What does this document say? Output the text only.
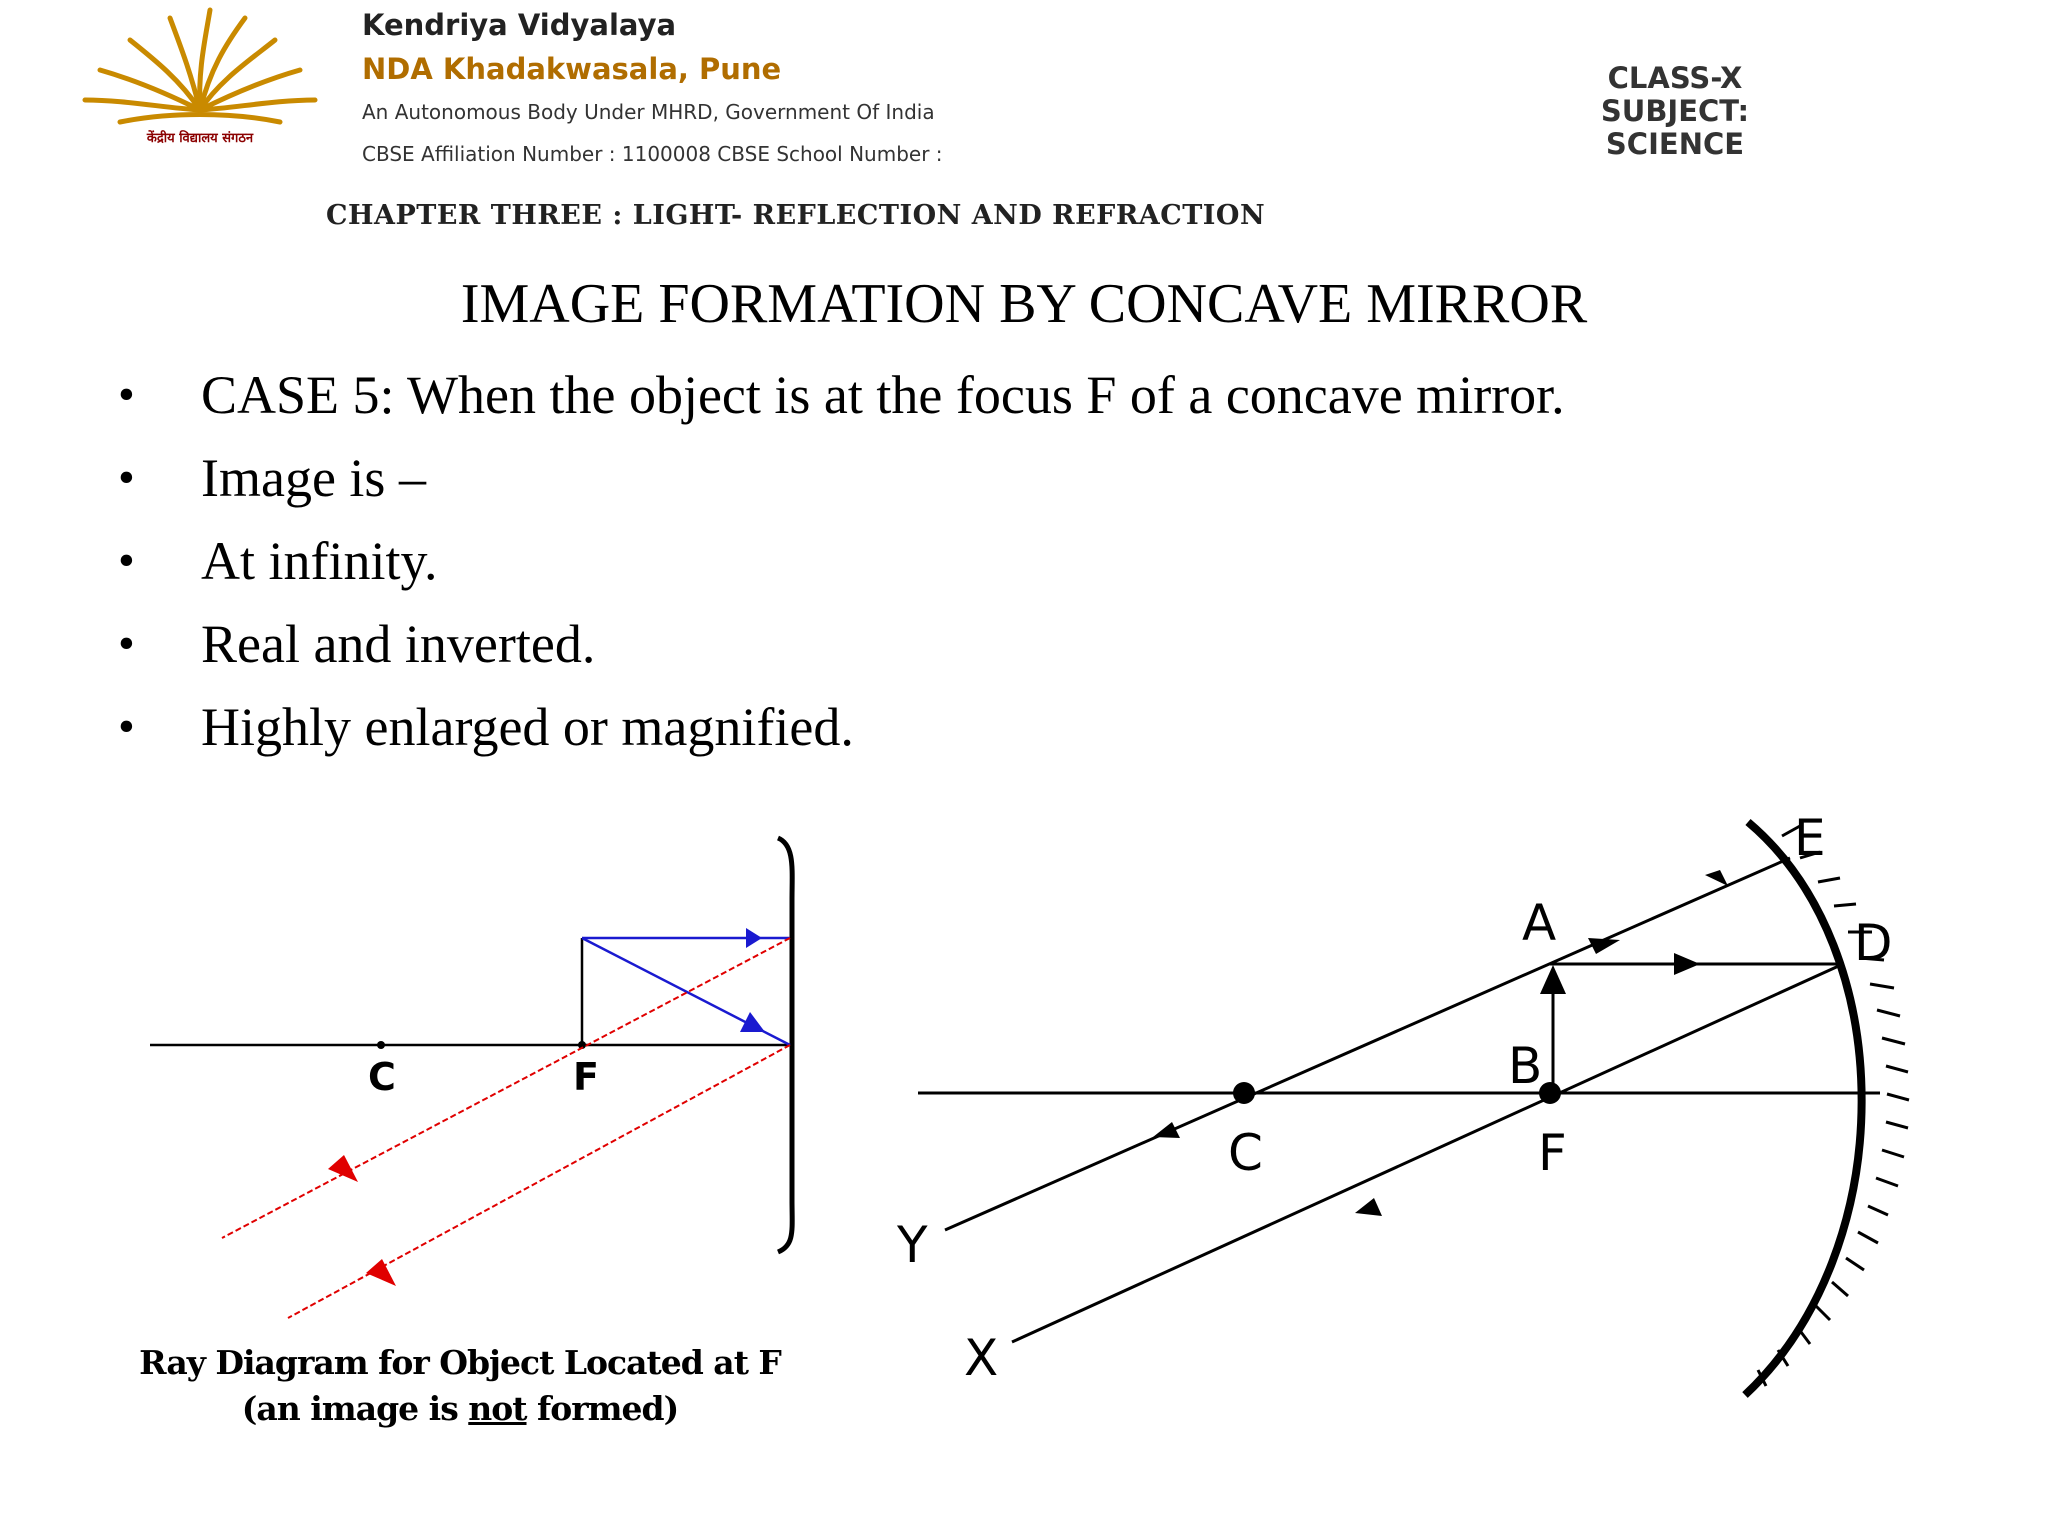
केंद्रीय विद्यालय संगठन
Kendriya Vidyalaya
NDA Khadakwasala, Pune
An Autonomous Body Under MHRD, Government Of India
CBSE Affiliation Number : 1100008 CBSE School Number :
CLASS-X
SUBJECT:
SCIENCE
CHAPTER THREE : LIGHT- REFLECTION AND REFRACTION
IMAGE FORMATION BY CONCAVE MIRROR
• CASE 5: When the object is at the focus F of a concave mirror.
• Image is –
• At infinity.
• Real and inverted.
• Highly enlarged or magnified.
C	F
A
B
C	F
D
E
Y
X
Ray Diagram for Object Located at F
(an image is not formed)
